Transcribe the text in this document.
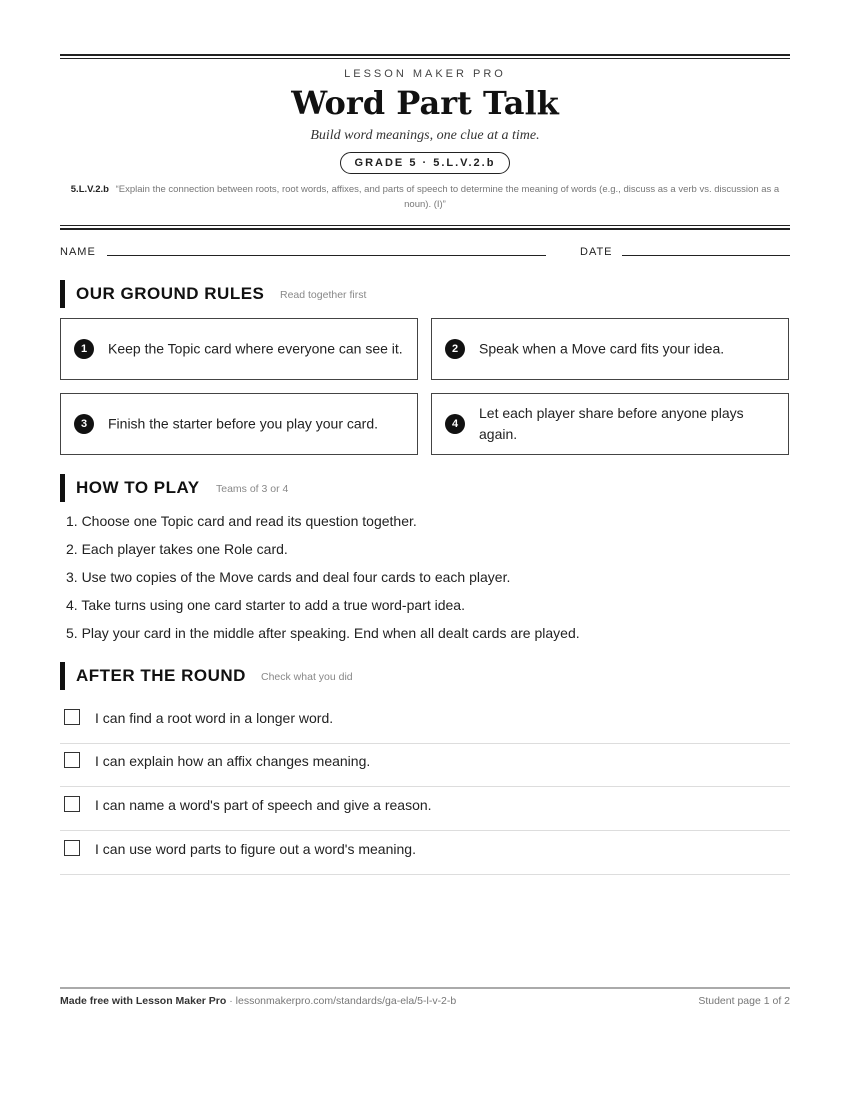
LESSON MAKER PRO
Word Part Talk
Build word meanings, one clue at a time.
GRADE 5 · 5.L.V.2.b
5.L.V.2.b “Explain the connection between roots, root words, affixes, and parts of speech to determine the meaning of words (e.g., discuss as a verb vs. discussion as a noun). (I)”
NAME	DATE
OUR GROUND RULES Read together first
1	Keep the Topic card where everyone can see it.	2	Speak when a Move card fits your idea.
3	Finish the starter before you play your card.	4
Let each player share before anyone plays again.
HOW TO PLAY Teams of 3 or 4
1. Choose one Topic card and read its question together.
2. Each player takes one Role card.
3. Use two copies of the Move cards and deal four cards to each player.
4. Take turns using one card starter to add a true word-part idea.
5. Play your card in the middle after speaking. End when all dealt cards are played.
AFTER THE ROUND Check what you did
I can find a root word in a longer word.
I can explain how an affix changes meaning.
I can name a word's part of speech and give a reason.
I can use word parts to figure out a word's meaning.
Made free with Lesson Maker Pro · lessonmakerpro.com/standards/ga-ela/5-l-v-2-b	Student page 1 of 2
